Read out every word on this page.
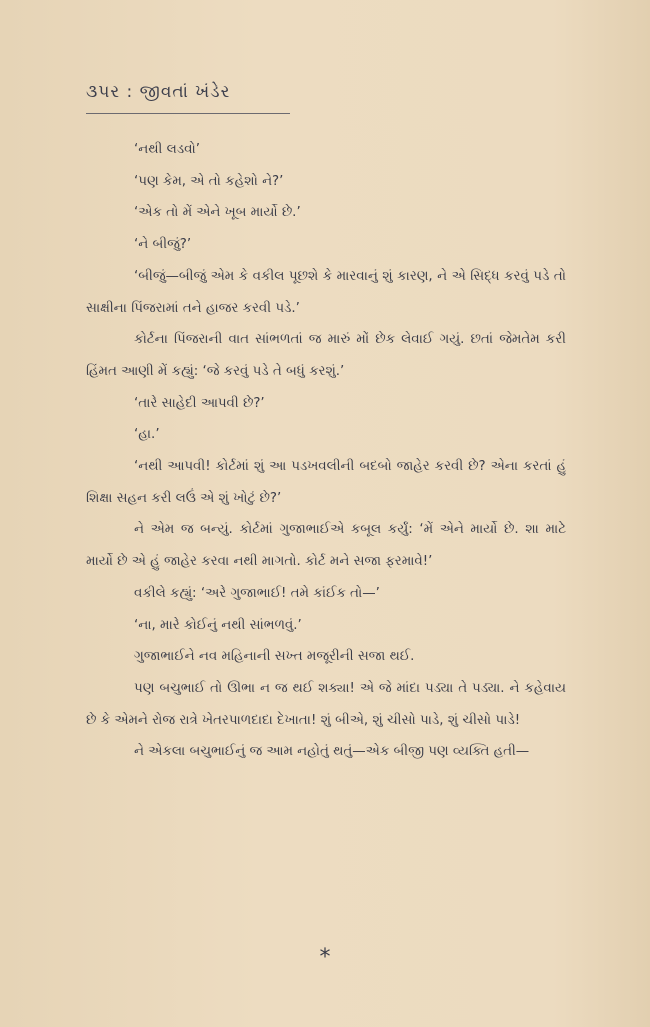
૩પર : જીવતાં ખંડેર

‘નથી લડવો’

‘પણ કેમ, એ તો કહેશો ને?’

‘એક તો મેં એને ખૂબ માર્યો છે.’

‘ને બીજું?’

‘બીજું—બીજું એમ કે વકીલ પૂછશે કે મારવાનું શું કારણ, ને એ સિદ્ધ કરવું પડે તો સાક્ષીના પિંજરામાં તને હાજર કરવી પડે.’

કોર્ટના પિંજરાની વાત સાંભળતાં જ મારું મોં છેક લેવાઈ ગયું. છતાં જેમતેમ કરી હિંમત આણી મેં કહ્યું: ‘જે કરવું પડે તે બધું કરશું.’

‘તારે સાહેદી આપવી છે?’

‘હા.’

‘નથી આપવી! કોર્ટમાં શું આ પડખવલીની બદબો જાહેર કરવી છે? એના કરતાં હું શિક્ષા સહન કરી લઉં એ શું ખોટું છે?’

ને એમ જ બન્યું. કોર્ટમાં ગુજાભાઈએ કબૂલ કર્યું: ‘મેં એને માર્યો છે. શા માટે માર્યો છે એ હું જાહેર કરવા નથી માગતો. કોર્ટ મને સજા ફરમાવે!’

વકીલે કહ્યું: ‘અરે ગુજાભાઈ! તમે કાંઈક તો—’

‘ના, મારે કોઈનું નથી સાંભળવું.’

ગુજાભાઈને નવ મહિનાની સખ્ત મજૂરીની સજા થઈ.

પણ બચુભાઈ તો ઊભા ન જ થઈ શક્યા! એ જે માંદા પડ્યા તે પડ્યા. ને કહેવાય છે કે એમને રોજ રાત્રે ખેતરપાળદાદા દેખાતા! શું બીએ, શું ચીસો પાડે, શું ચીસો પાડે!

ને એકલા બચુભાઈનું જ આમ નહોતું થતું—એક બીજી પણ વ્યક્તિ હતી—

*
